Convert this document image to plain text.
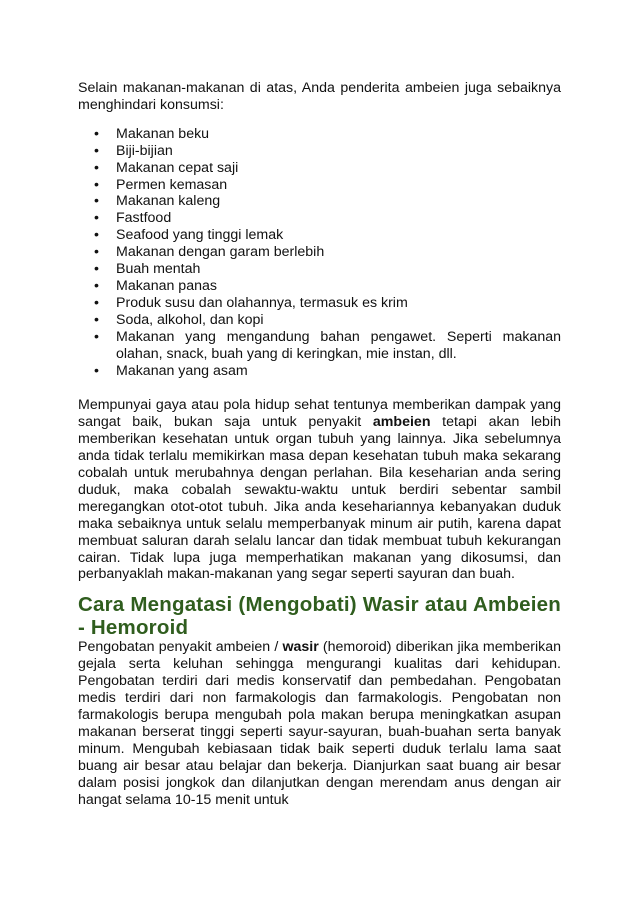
Selain makanan-makanan di atas, Anda penderita ambeien juga sebaiknya menghindari konsumsi:

• Makanan beku
• Biji-bijian
• Makanan cepat saji
• Permen kemasan
• Makanan kaleng
• Fastfood
• Seafood yang tinggi lemak
• Makanan dengan garam berlebih
• Buah mentah
• Makanan panas
• Produk susu dan olahannya, termasuk es krim
• Soda, alkohol, dan kopi
• Makanan yang mengandung bahan pengawet. Seperti makanan olahan, snack, buah yang di keringkan, mie instan, dll.
• Makanan yang asam

Mempunyai gaya atau pola hidup sehat tentunya memberikan dampak yang sangat baik, bukan saja untuk penyakit ambeien tetapi akan lebih memberikan kesehatan untuk organ tubuh yang lainnya. Jika sebelumnya anda tidak terlalu memikirkan masa depan kesehatan tubuh maka sekarang cobalah untuk merubahnya dengan perlahan. Bila keseharian anda sering duduk, maka cobalah sewaktu-waktu untuk berdiri sebentar sambil meregangkan otot-otot tubuh. Jika anda kesehariannya kebanyakan duduk maka sebaiknya untuk selalu memperbanyak minum air putih, karena dapat membuat saluran darah selalu lancar dan tidak membuat tubuh kekurangan cairan. Tidak lupa juga memperhatikan makanan yang dikosumsi, dan perbanyaklah makan-makanan yang segar seperti sayuran dan buah.

Cara Mengatasi (Mengobati) Wasir atau Ambeien - Hemoroid

Pengobatan penyakit ambeien / wasir (hemoroid) diberikan jika memberikan gejala serta keluhan sehingga mengurangi kualitas dari kehidupan. Pengobatan terdiri dari medis konservatif dan pembedahan. Pengobatan medis terdiri dari non farmakologis dan farmakologis. Pengobatan non farmakologis berupa mengubah pola makan berupa meningkatkan asupan makanan berserat tinggi seperti sayur-sayuran, buah-buahan serta banyak minum. Mengubah kebiasaan tidak baik seperti duduk terlalu lama saat buang air besar atau belajar dan bekerja. Dianjurkan saat buang air besar dalam posisi jongkok dan dilanjutkan dengan merendam anus dengan air hangat selama 10-15 menit untuk
